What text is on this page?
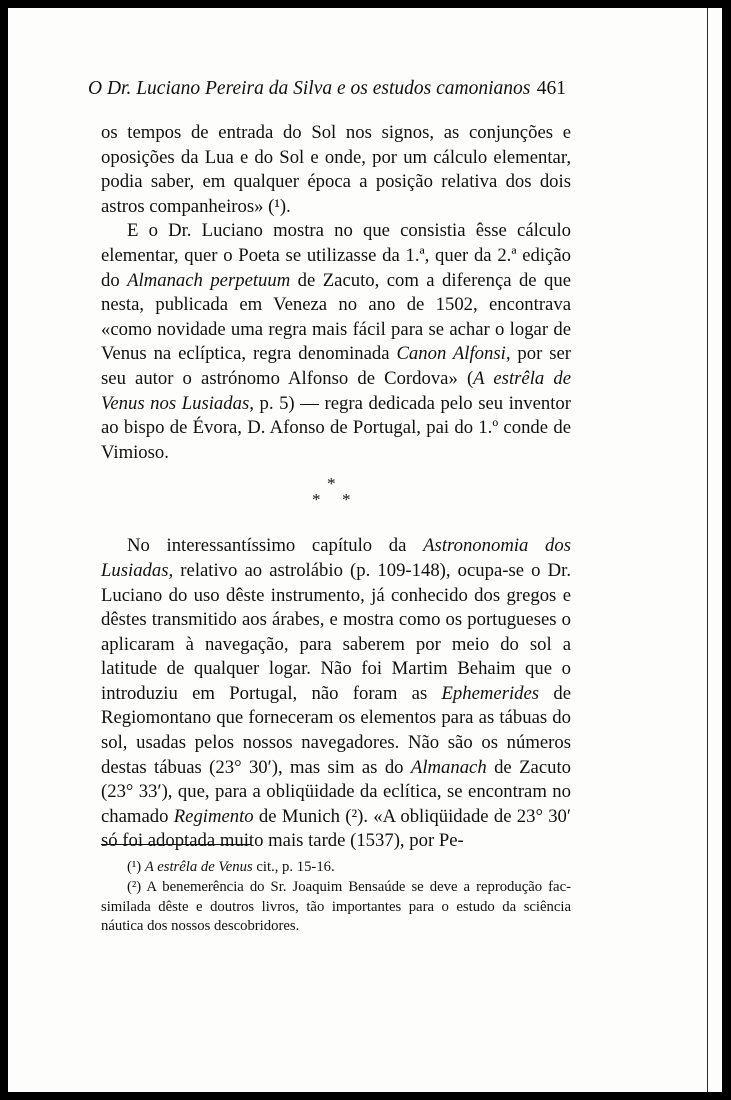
O Dr. Luciano Pereira da Silva e os estudos camonianos 461

os tempos de entrada do Sol nos signos, as conjunções e oposições da Lua e do Sol e onde, por um cálculo elementar, podia saber, em qualquer época a posição relativa dos dois astros companheiros» (¹).

E o Dr. Luciano mostra no que consistia êsse cálculo elementar, quer o Poeta se utilizasse da 1.ª, quer da 2.ª edição do Almanach perpetuum de Zacuto, com a diferença de que nesta, publicada em Veneza no ano de 1502, encontrava «como novidade uma regra mais fácil para se achar o logar de Venus na eclíptica, regra denominada Canon Alfonsi, por ser seu autor o astrónomo Alfonso de Cordova» (A estrêla de Venus nos Lusiadas, p. 5) — regra dedicada pelo seu inventor ao bispo de Évora, D. Afonso de Portugal, pai do 1.º conde de Vimioso.

*
* *

No interessantíssimo capítulo da Astrononomia dos Lusiadas, relativo ao astrolábio (p. 109-148), ocupa-se o Dr. Luciano do uso dêste instrumento, já conhecido dos gregos e dêstes transmitido aos árabes, e mostra como os portugueses o aplicaram à navegação, para saberem por meio do sol a latitude de qualquer logar. Não foi Martim Behaim que o introduziu em Portugal, não foram as Ephemerides de Regiomontano que forneceram os elementos para as tábuas do sol, usadas pelos nossos navegadores. Não são os números destas tábuas (23° 30′), mas sim as do Almanach de Zacuto (23° 33′), que, para a obliqüidade da eclítica, se encontram no chamado Regimento de Munich (²). «A obliqüidade de 23° 30′ só foi adoptada muito mais tarde (1537), por Pe-

(¹) A estrêla de Venus cit., p. 15-16.

(²) A benemerência do Sr. Joaquim Bensaúde se deve a reprodução fac-similada dêste e doutros livros, tão importantes para o estudo da sciência náutica dos nossos descobridores.
